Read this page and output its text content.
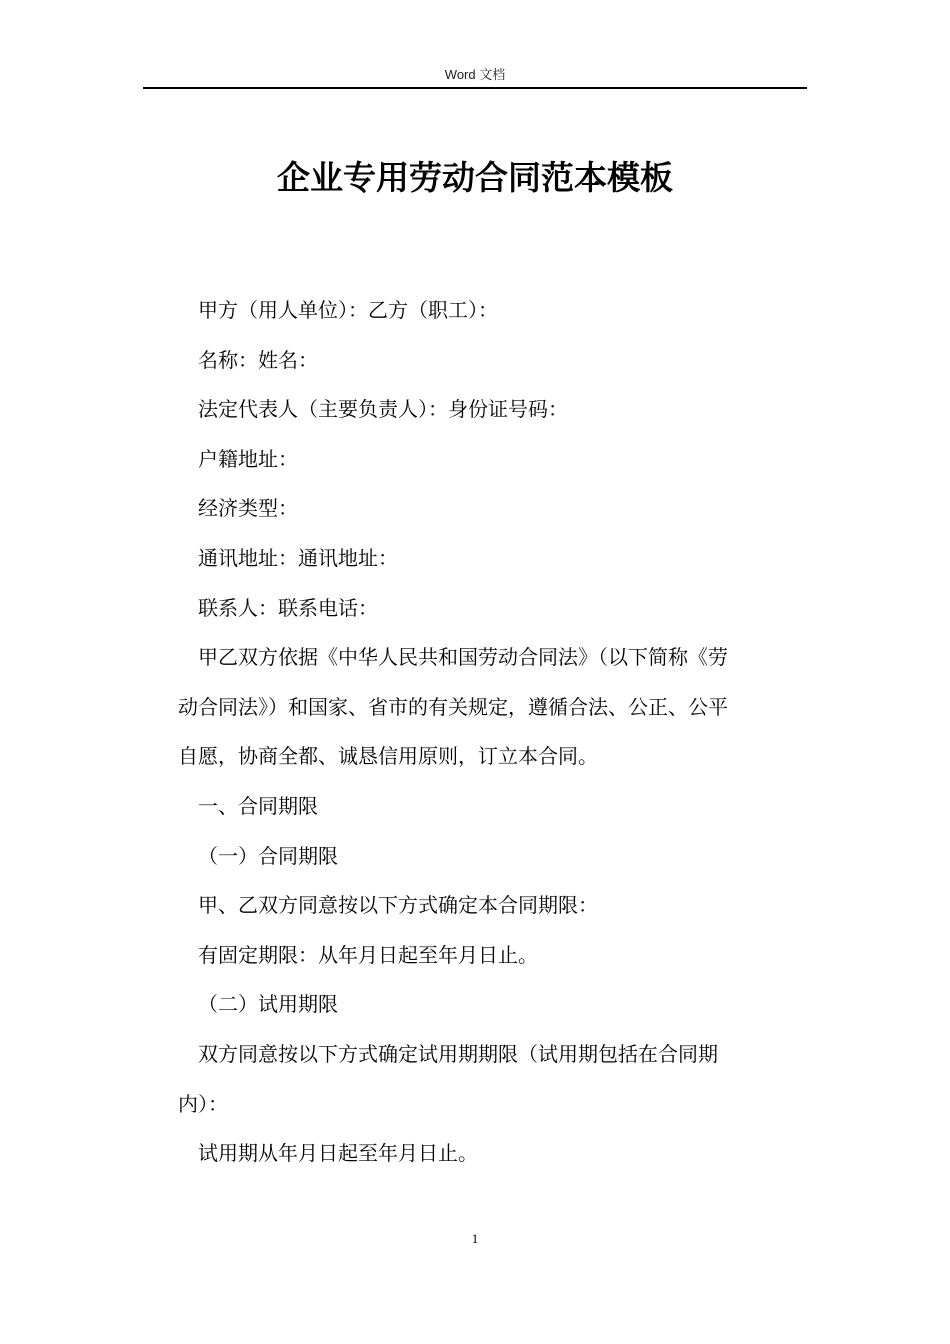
Word 文档
企业专用劳动合同范本模板
甲方（用人单位）：乙方（职工）：
名称：姓名：
法定代表人（主要负责人）：身份证号码：
户籍地址：
经济类型：
通讯地址：通讯地址：
联系人：联系电话：
甲乙双方依据《中华人民共和国劳动合同法》（以下简称《劳
动合同法》）和国家、省市的有关规定，遵循合法、公正、公平
自愿，协商全都、诚恳信用原则，订立本合同。
一、合同期限
（一）合同期限
甲、乙双方同意按以下方式确定本合同期限：
有固定期限：从年月日起至年月日止。
（二）试用期限
双方同意按以下方式确定试用期期限（试用期包括在合同期
内）：
试用期从年月日起至年月日止。
1
